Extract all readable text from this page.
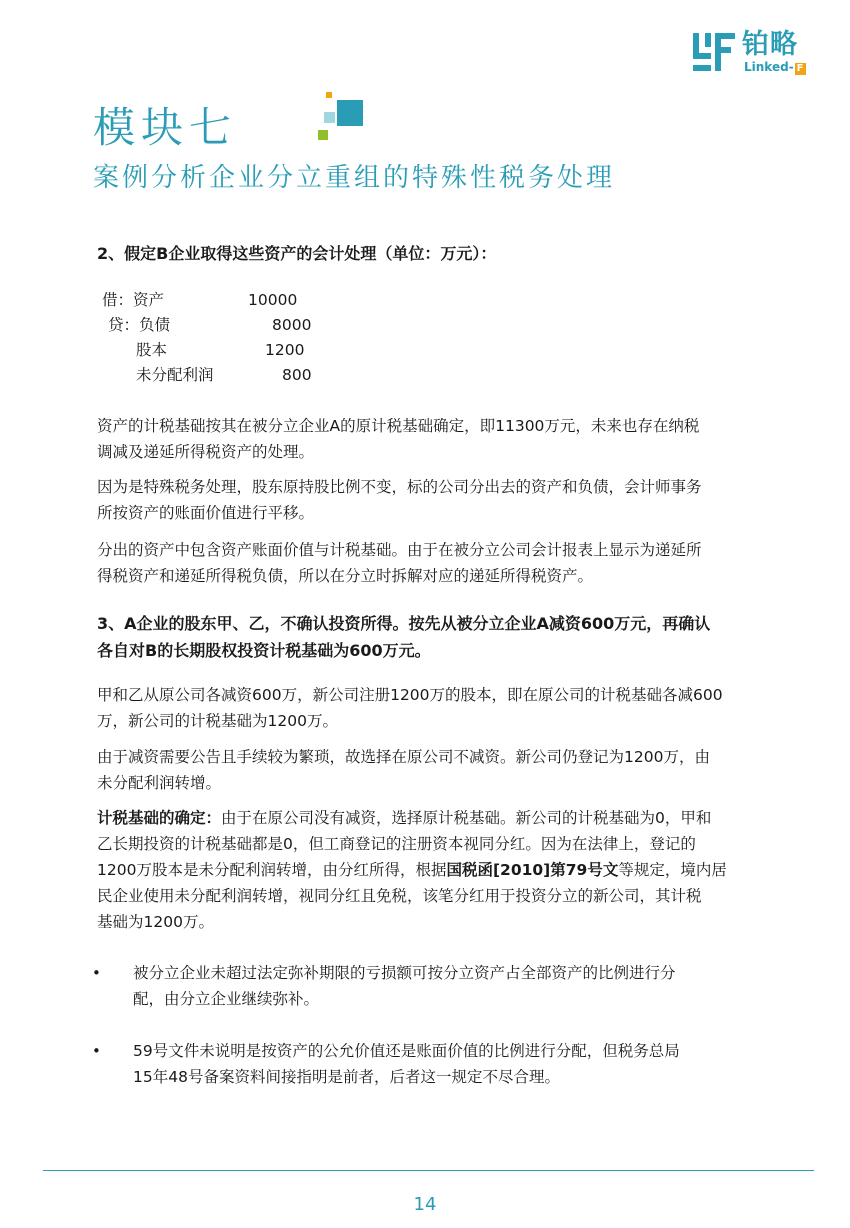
铂略
Linked- F
模块七
案例分析企业分立重组的特殊性税务处理
2、假定B企业取得这些资产的会计处理（单位：万元）：
借：资产	10000
贷：负债	8000
股本	1200
未分配利润	800
资产的计税基础按其在被分立企业A的原计税基础确定，即11300万元，未来也存在纳税
调减及递延所得税资产的处理。
因为是特殊税务处理，股东原持股比例不变，标的公司分出去的资产和负债，会计师事务
所按资产的账面价值进行平移。
分出的资产中包含资产账面价值与计税基础。由于在被分立公司会计报表上显示为递延所
得税资产和递延所得税负债，所以在分立时拆解对应的递延所得税资产。
3、A企业的股东甲、乙，不确认投资所得。按先从被分立企业A减资600万元，再确认
各自对B的长期股权投资计税基础为600万元。
甲和乙从原公司各减资600万，新公司注册1200万的股本，即在原公司的计税基础各减600
万，新公司的计税基础为1200万。
由于减资需要公告且手续较为繁琐，故选择在原公司不减资。新公司仍登记为1200万，由
未分配利润转增。
计税基础的确定：由于在原公司没有减资，选择原计税基础。新公司的计税基础为0，甲和
乙长期投资的计税基础都是0，但工商登记的注册资本视同分红。因为在法律上，登记的
1200万股本是未分配利润转增，由分红所得，根据国税函[2010]第79号文等规定，境内居
民企业使用未分配利润转增，视同分红且免税，该笔分红用于投资分立的新公司，其计税
基础为1200万。
• 被分立企业未超过法定弥补期限的亏损额可按分立资产占全部资产的比例进行分
配，由分立企业继续弥补。
• 59号文件未说明是按资产的公允价值还是账面价值的比例进行分配，但税务总局
15年48号备案资料间接指明是前者，后者这一规定不尽合理。
14
